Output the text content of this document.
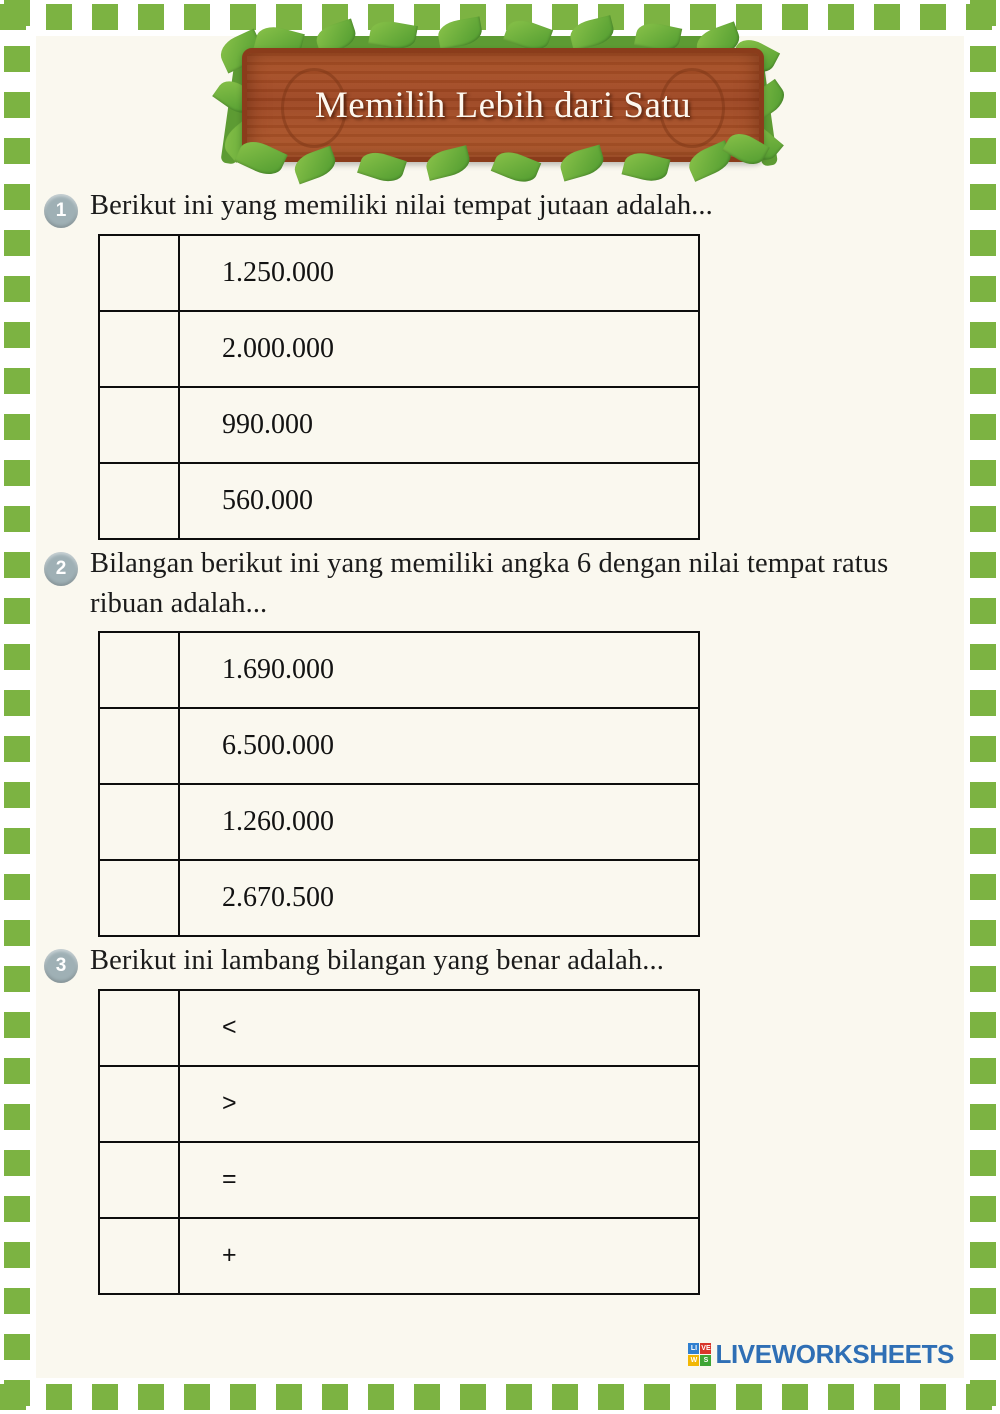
Memilih Lebih dari Satu
1 Berikut ini yang memiliki nilai tempat jutaan adalah...
	1.250.000
	2.000.000
	990.000
	560.000
2 Bilangan berikut ini yang memiliki angka 6 dengan nilai tempat ratus ribuan adalah...
	1.690.000
	6.500.000
	1.260.000
	2.670.500
3 Berikut ini lambang bilangan yang benar adalah...
	<
	>
	=
	+
LI VE
W S LIVEWORKSHEETS
